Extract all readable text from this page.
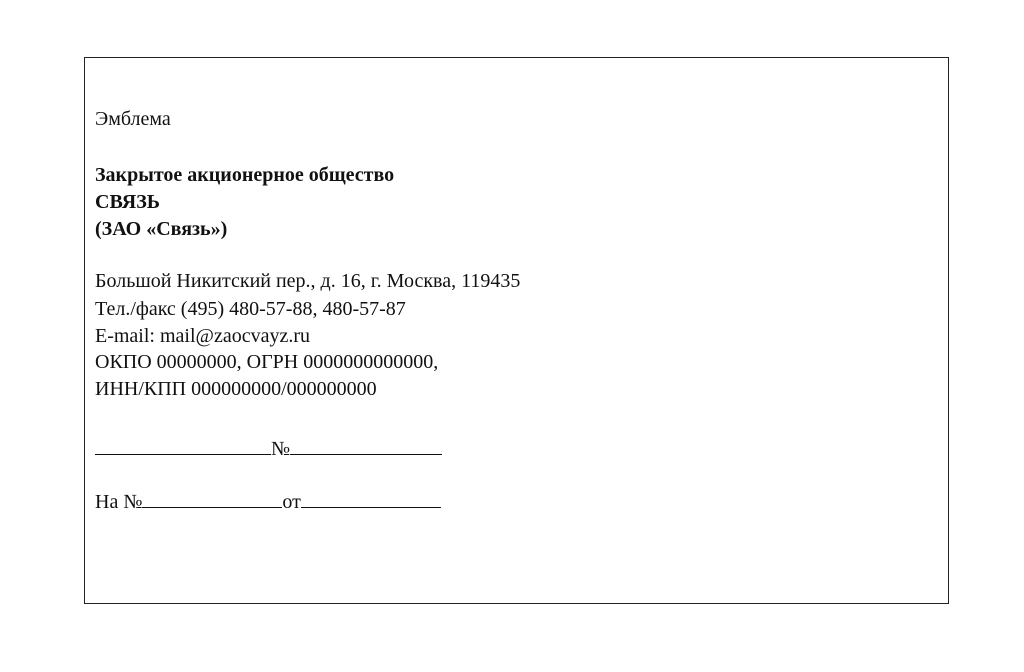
Эмблема
Закрытое акционерное общество
СВЯЗЬ
(ЗАО «Связь»)
Большой Никитский пер., д. 16, г. Москва, 119435
Тел./факс (495) 480-57-88, 480-57-87
E-mail: mail@zaocvayz.ru
ОКПО 00000000, ОГРН 0000000000000,
ИНН/КПП 000000000/000000000
№
На №	от
